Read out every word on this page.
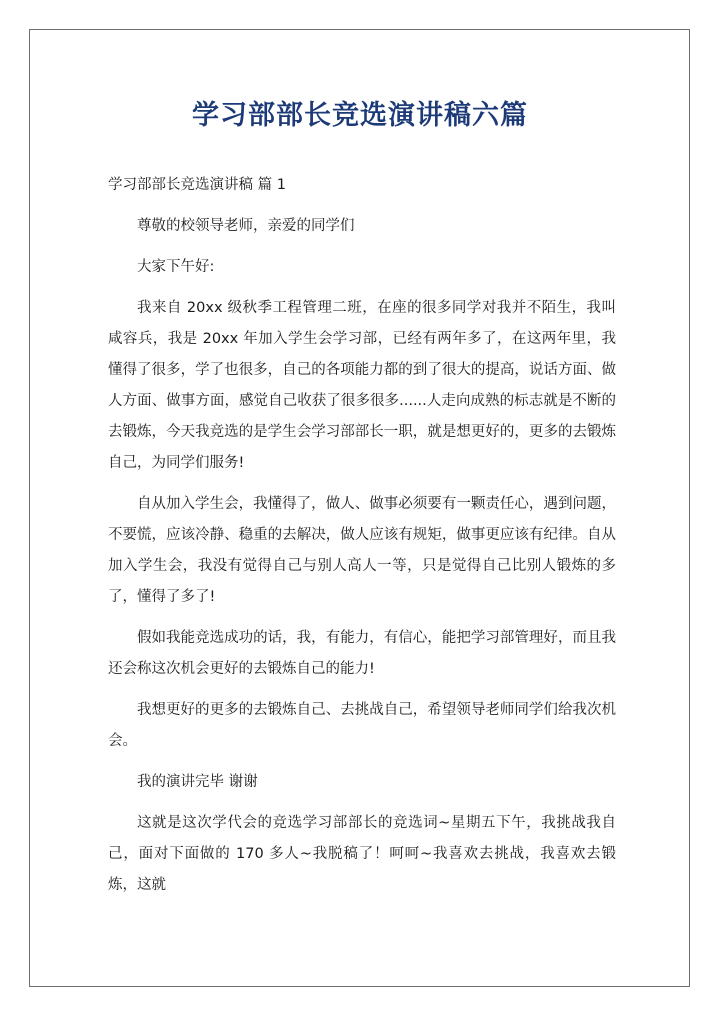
学习部部长竞选演讲稿六篇

学习部部长竞选演讲稿 篇 1

尊敬的校领导老师，亲爱的同学们

大家下午好:

我来自 20xx 级秋季工程管理二班，在座的很多同学对我并不陌生，我叫咸容兵，我是 20xx 年加入学生会学习部，已经有两年多了，在这两年里，我懂得了很多，学了也很多，自己的各项能力都的到了很大的提高，说话方面、做人方面、做事方面，感觉自己收获了很多很多......人走向成熟的标志就是不断的去锻炼，今天我竞选的是学生会学习部部长一职，就是想更好的，更多的去锻炼自己，为同学们服务!

自从加入学生会，我懂得了，做人、做事必须要有一颗责任心，遇到问题，不要慌，应该冷静、稳重的去解决，做人应该有规矩，做事更应该有纪律。自从加入学生会，我没有觉得自己与别人高人一等，只是觉得自己比别人锻炼的多了，懂得了多了!

假如我能竞选成功的话，我，有能力，有信心，能把学习部管理好，而且我还会称这次机会更好的去锻炼自己的能力!

我想更好的更多的去锻炼自己、去挑战自己，希望领导老师同学们给我次机会。

我的演讲完毕 谢谢

这就是这次学代会的竞选学习部部长的竞选词~星期五下午，我挑战我自己，面对下面做的 170 多人~我脱稿了！呵呵~我喜欢去挑战，我喜欢去锻炼，这就
